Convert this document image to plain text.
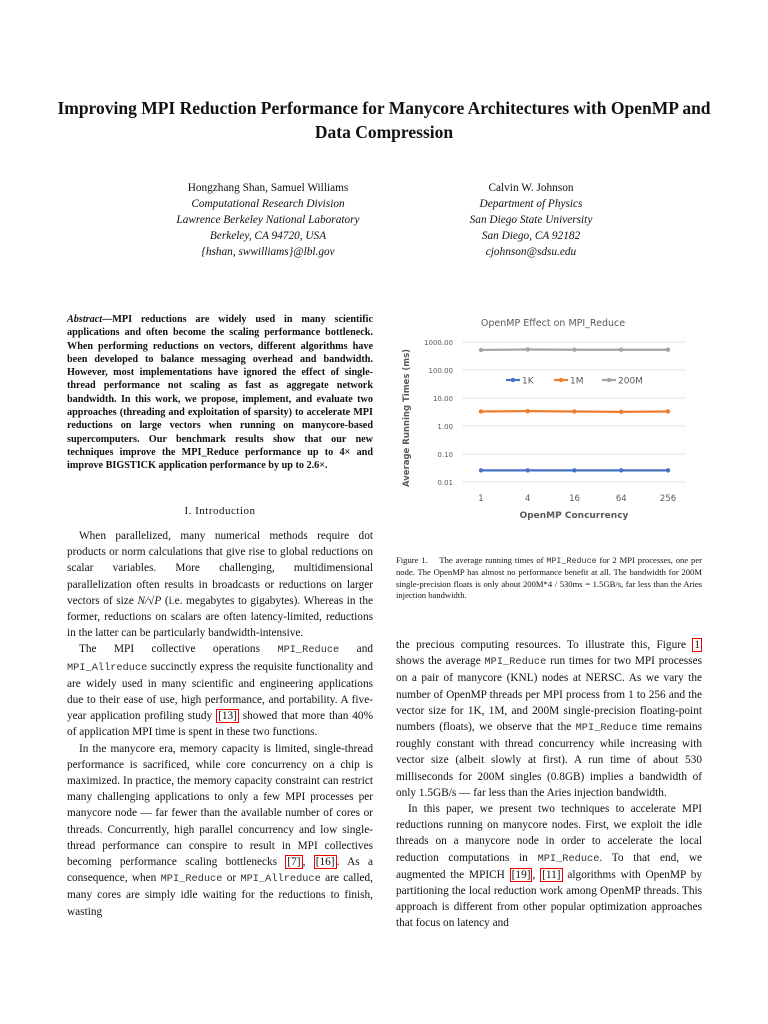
Improving MPI Reduction Performance for Manycore Architectures with OpenMP and Data Compression
Hongzhang Shan, Samuel Williams
Computational Research Division
Lawrence Berkeley National Laboratory
Berkeley, CA 94720, USA
{hshan, swwilliams}@lbl.gov
Calvin W. Johnson
Department of Physics
San Diego State University
San Diego, CA 92182
cjohnson@sdsu.edu
Abstract—MPI reductions are widely used in many scientific applications and often become the scaling performance bottleneck. When performing reductions on vectors, different algorithms have been developed to balance messaging overhead and bandwidth. However, most implementations have ignored the effect of single-thread performance not scaling as fast as aggregate network bandwidth. In this work, we propose, implement, and evaluate two approaches (threading and exploitation of sparsity) to accelerate MPI reductions on large vectors when running on manycore-based supercomputers. Our benchmark results show that our new techniques improve the MPI_Reduce performance up to 4× and improve BIGSTICK application performance by up to 2.6×.
I. Introduction

When parallelized, many numerical methods require dot products or norm calculations that give rise to global reductions on scalar variables. More challenging, multidimensional parallelization often results in broadcasts or reductions on larger vectors of size N/√P (i.e. megabytes to gigabytes). Whereas in the former, reductions on scalars are often latency-limited, reductions in the latter can be particularly bandwidth-intensive.

The MPI collective operations MPI_Reduce and MPI_Allreduce succinctly express the requisite functionality and are widely used in many scientific and engineering applications due to their ease of use, high performance, and portability. A five-year application profiling study [13] showed that more than 40% of application MPI time is spent in these two functions.

In the manycore era, memory capacity is limited, single-thread performance is sacrificed, while core concurrency on a chip is maximized. In practice, the memory capacity constraint can restrict many challenging applications to only a few MPI processes per manycore node — far fewer than the available number of cores or threads. Concurrently, high parallel concurrency and low single-thread performance can conspire to result in MPI collectives becoming performance scaling bottlenecks [7] , [16] . As a consequence, when MPI_Reduce or MPI_Allreduce are called, many cores are simply idle waiting for the reductions to finish, wasting

OpenMP Effect on MPI_Reduce
Average Running Times (ms)
OpenMP Concurrency
0.01
0.10
1.00
10.00
100.00
1000.00
1	4	16	64	256
1K	1M	200M
Figure 1. The average running times of MPI_Reduce for 2 MPI processes, one per node. The OpenMP has almost no performance benefit at all. The bandwidth for 200M single-precision floats is only about 200M*4 / 530ms = 1.5GB/s, far less than the Aries injection bandwidth.

the precious computing resources. To illustrate this, Figure 1 shows the average MPI_Reduce run times for two MPI processes on a pair of manycore (KNL) nodes at NERSC. As we vary the number of OpenMP threads per MPI process from 1 to 256 and the vector size for 1K, 1M, and 200M single-precision floating-point numbers (floats), we observe that the MPI_Reduce time remains roughly constant with thread concurrency while increasing with vector size (albeit slowly at first). A run time of about 530 milliseconds for 200M singles (0.8GB) implies a bandwidth of only 1.5GB/s — far less than the Aries injection bandwidth.

In this paper, we present two techniques to accelerate MPI reductions running on manycore nodes. First, we exploit the idle threads on a manycore node in order to accelerate the local reduction computations in MPI_Reduce. To that end, we augmented the MPICH [19] , [11] algorithms with OpenMP by partitioning the local reduction work among OpenMP threads. This approach is different from other popular optimization approaches that focus on latency and
